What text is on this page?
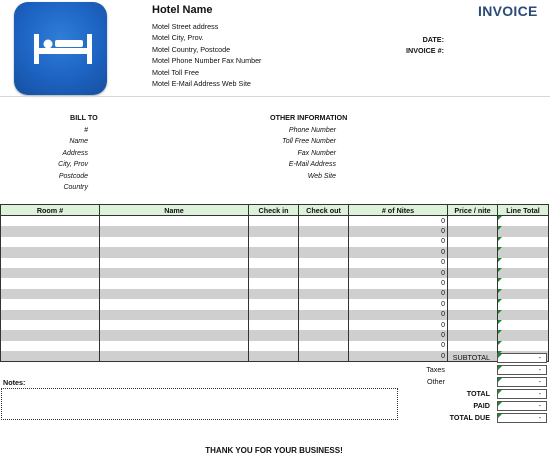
Hotel Name
Motel Street address
Motel City, Prov.
Motel Country, Postcode
Motel Phone Number Fax Number
Motel Toll Free
Motel E-Mail Address Web Site
INVOICE
DATE:
INVOICE #:
BILL TO
#
Name
Address
City, Prov
Postcode
Country
OTHER INFORMATION
Phone Number
Toll Free Number
Fax Number
E-Mail Address
Web Site
Room #	Name	Check in	Check out	# of Nites	Price / nite	Line Total
				0		
				0		
				0		
				0		
				0		
				0		
				0		
				0		
				0		
				0		
				0		
				0		
				0		
				0			SUBTOTAL	-
Taxes	-
Other	-
TOTAL	-
PAID	-
TOTAL DUE	-
Notes:
THANK YOU FOR YOUR BUSINESS!
